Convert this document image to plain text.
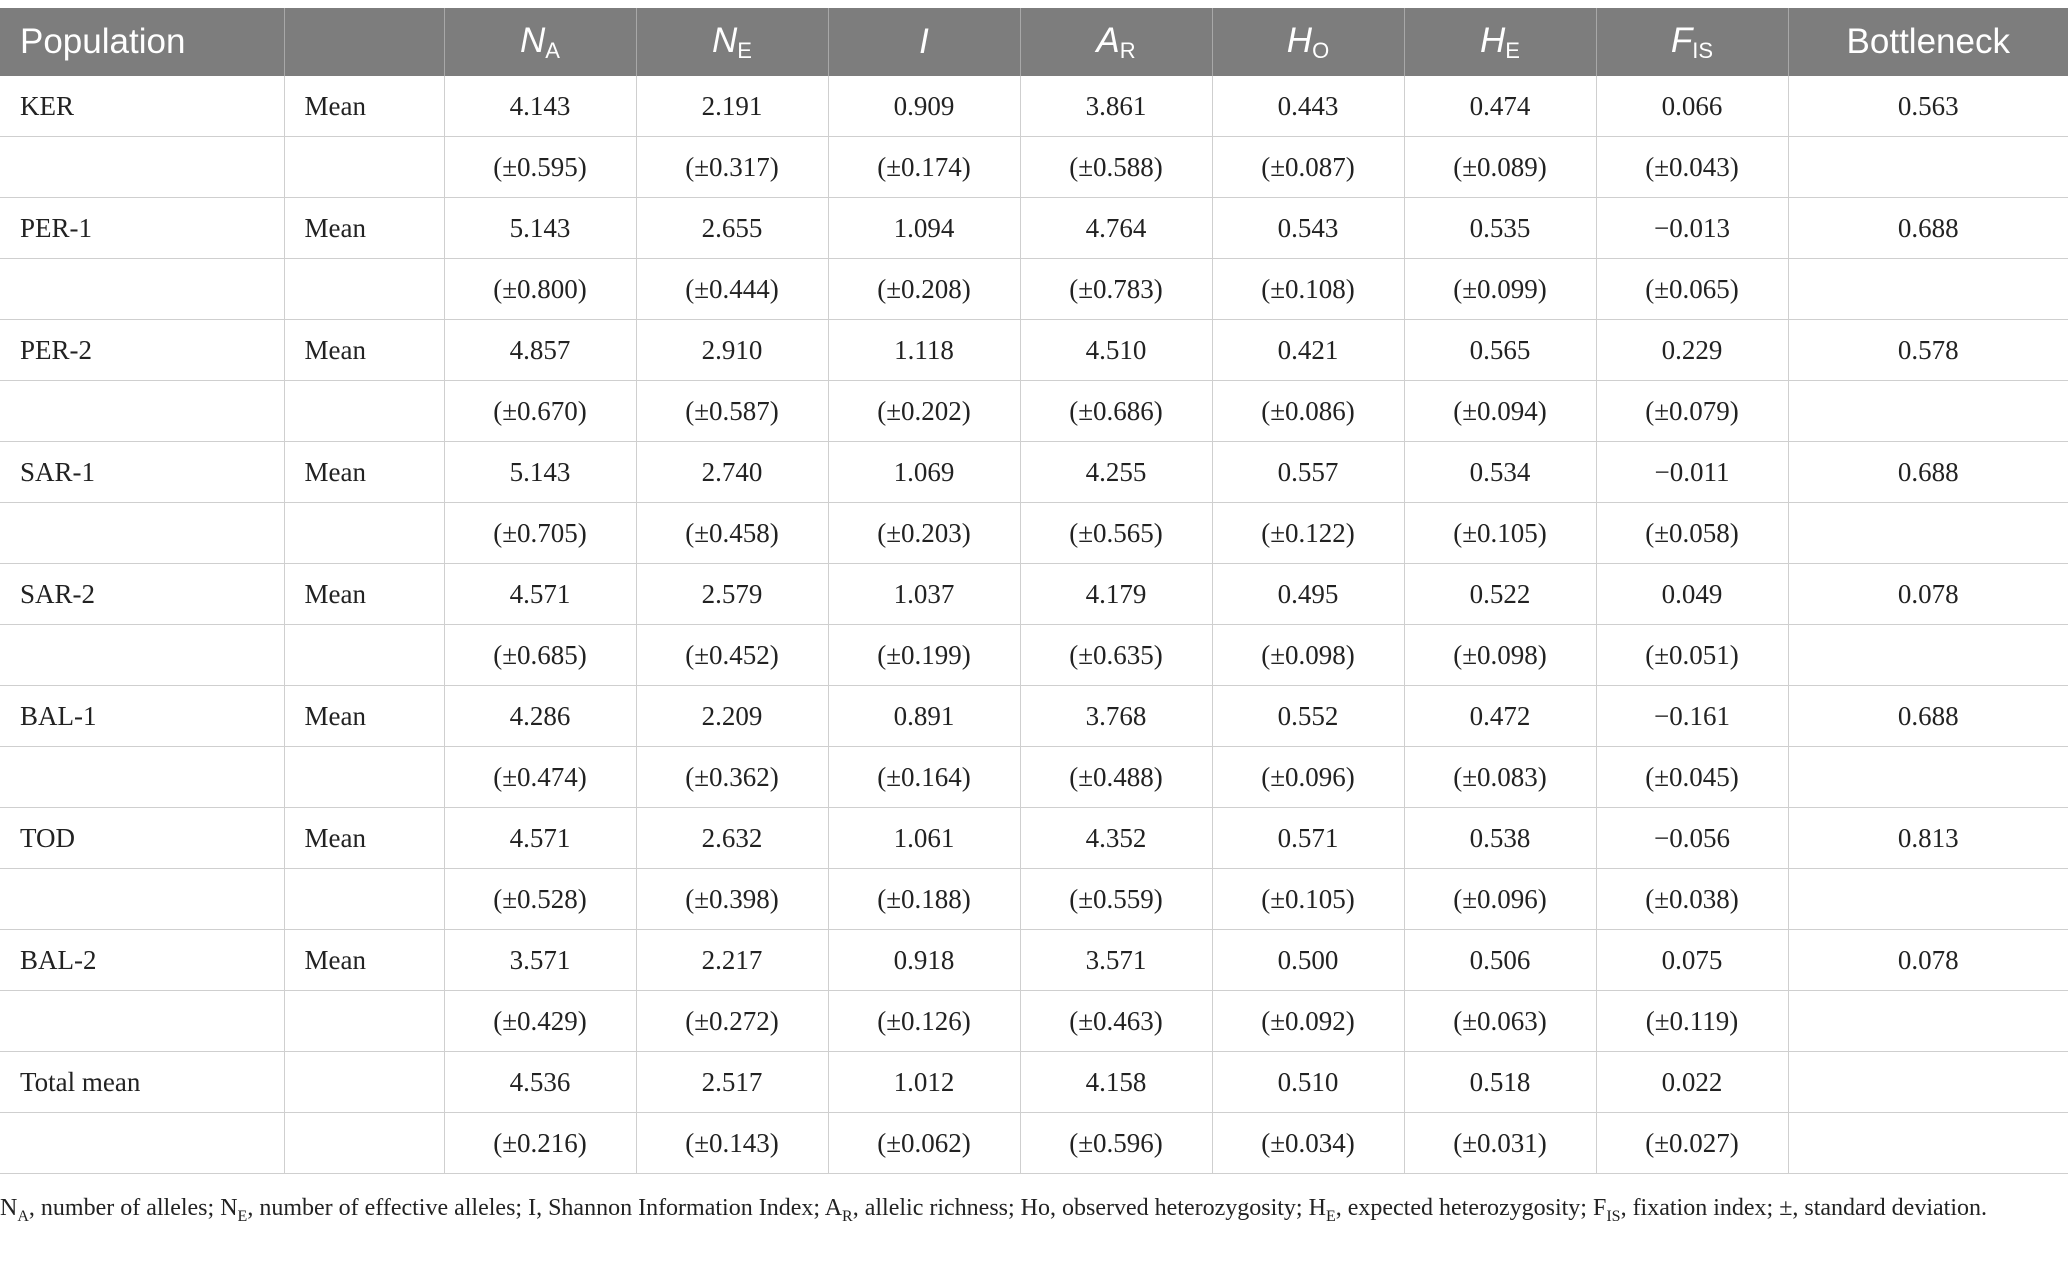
Population		$N_A$	$N_E$	I	$A_R$	$H_O$	$H_E$	$F_{IS}$	Bottleneck
KER	Mean	4.143	2.191	0.909	3.861	0.443	0.474	0.066	0.563
		(±0.595)	(±0.317)	(±0.174)	(±0.588)	(±0.087)	(±0.089)	(±0.043)	
PER-1	Mean	5.143	2.655	1.094	4.764	0.543	0.535	−0.013	0.688
		(±0.800)	(±0.444)	(±0.208)	(±0.783)	(±0.108)	(±0.099)	(±0.065)	
PER-2	Mean	4.857	2.910	1.118	4.510	0.421	0.565	0.229	0.578
		(±0.670)	(±0.587)	(±0.202)	(±0.686)	(±0.086)	(±0.094)	(±0.079)	
SAR-1	Mean	5.143	2.740	1.069	4.255	0.557	0.534	−0.011	0.688
		(±0.705)	(±0.458)	(±0.203)	(±0.565)	(±0.122)	(±0.105)	(±0.058)	
SAR-2	Mean	4.571	2.579	1.037	4.179	0.495	0.522	0.049	0.078
		(±0.685)	(±0.452)	(±0.199)	(±0.635)	(±0.098)	(±0.098)	(±0.051)	
BAL-1	Mean	4.286	2.209	0.891	3.768	0.552	0.472	−0.161	0.688
		(±0.474)	(±0.362)	(±0.164)	(±0.488)	(±0.096)	(±0.083)	(±0.045)	
TOD	Mean	4.571	2.632	1.061	4.352	0.571	0.538	−0.056	0.813
		(±0.528)	(±0.398)	(±0.188)	(±0.559)	(±0.105)	(±0.096)	(±0.038)	
BAL-2	Mean	3.571	2.217	0.918	3.571	0.500	0.506	0.075	0.078
		(±0.429)	(±0.272)	(±0.126)	(±0.463)	(±0.092)	(±0.063)	(±0.119)	
Total mean		4.536	2.517	1.012	4.158	0.510	0.518	0.022	
		(±0.216)	(±0.143)	(±0.062)	(±0.596)	(±0.034)	(±0.031)	(±0.027)	
$N_A$, number of alleles; $N_E$, number of effective alleles; I, Shannon Information Index; $A_R$, allelic richness; Ho, observed heterozygosity; $H_E$, expected heterozygosity; $F_{IS}$, fixation index; ±, standard deviation.
